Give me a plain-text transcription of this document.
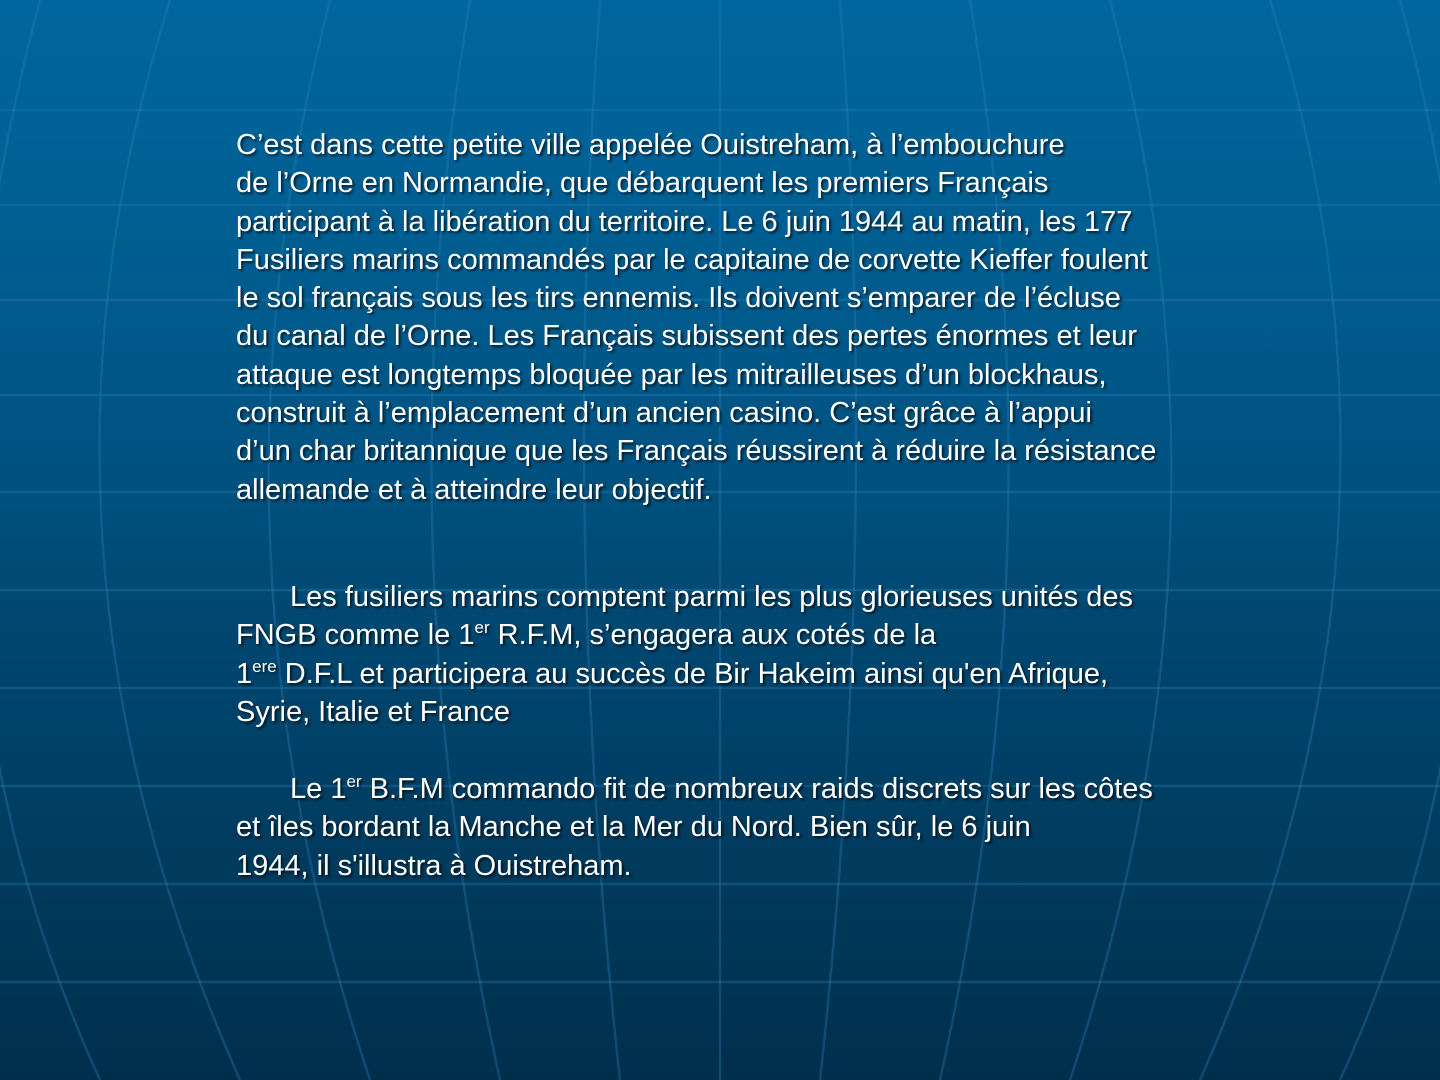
C’est dans cette petite ville appelée Ouistreham, à l’embouchure
de l’Orne en Normandie, que débarquent les premiers Français
participant à la libération du territoire. Le 6 juin 1944 au matin, les 177
Fusiliers marins commandés par le capitaine de corvette Kieffer foulent
le sol français sous les tirs ennemis. Ils doivent s’emparer de l’écluse
du canal de l’Orne. Les Français subissent des pertes énormes et leur
attaque est longtemps bloquée par les mitrailleuses d’un blockhaus,
construit à l’emplacement d’un ancien casino. C’est grâce à l’appui
d’un char britannique que les Français réussirent à réduire la résistance
allemande et à atteindre leur objectif.

Les fusiliers marins comptent parmi les plus glorieuses unités des
FNGB comme le 1er R.F.M, s’engagera aux cotés de la
1ere D.F.L et participera au succès de Bir Hakeim ainsi qu'en Afrique,
Syrie, Italie et France

Le 1er B.F.M commando fit de nombreux raids discrets sur les côtes
et îles bordant la Manche et la Mer du Nord. Bien sûr, le 6 juin
1944, il s'illustra à Ouistreham.
